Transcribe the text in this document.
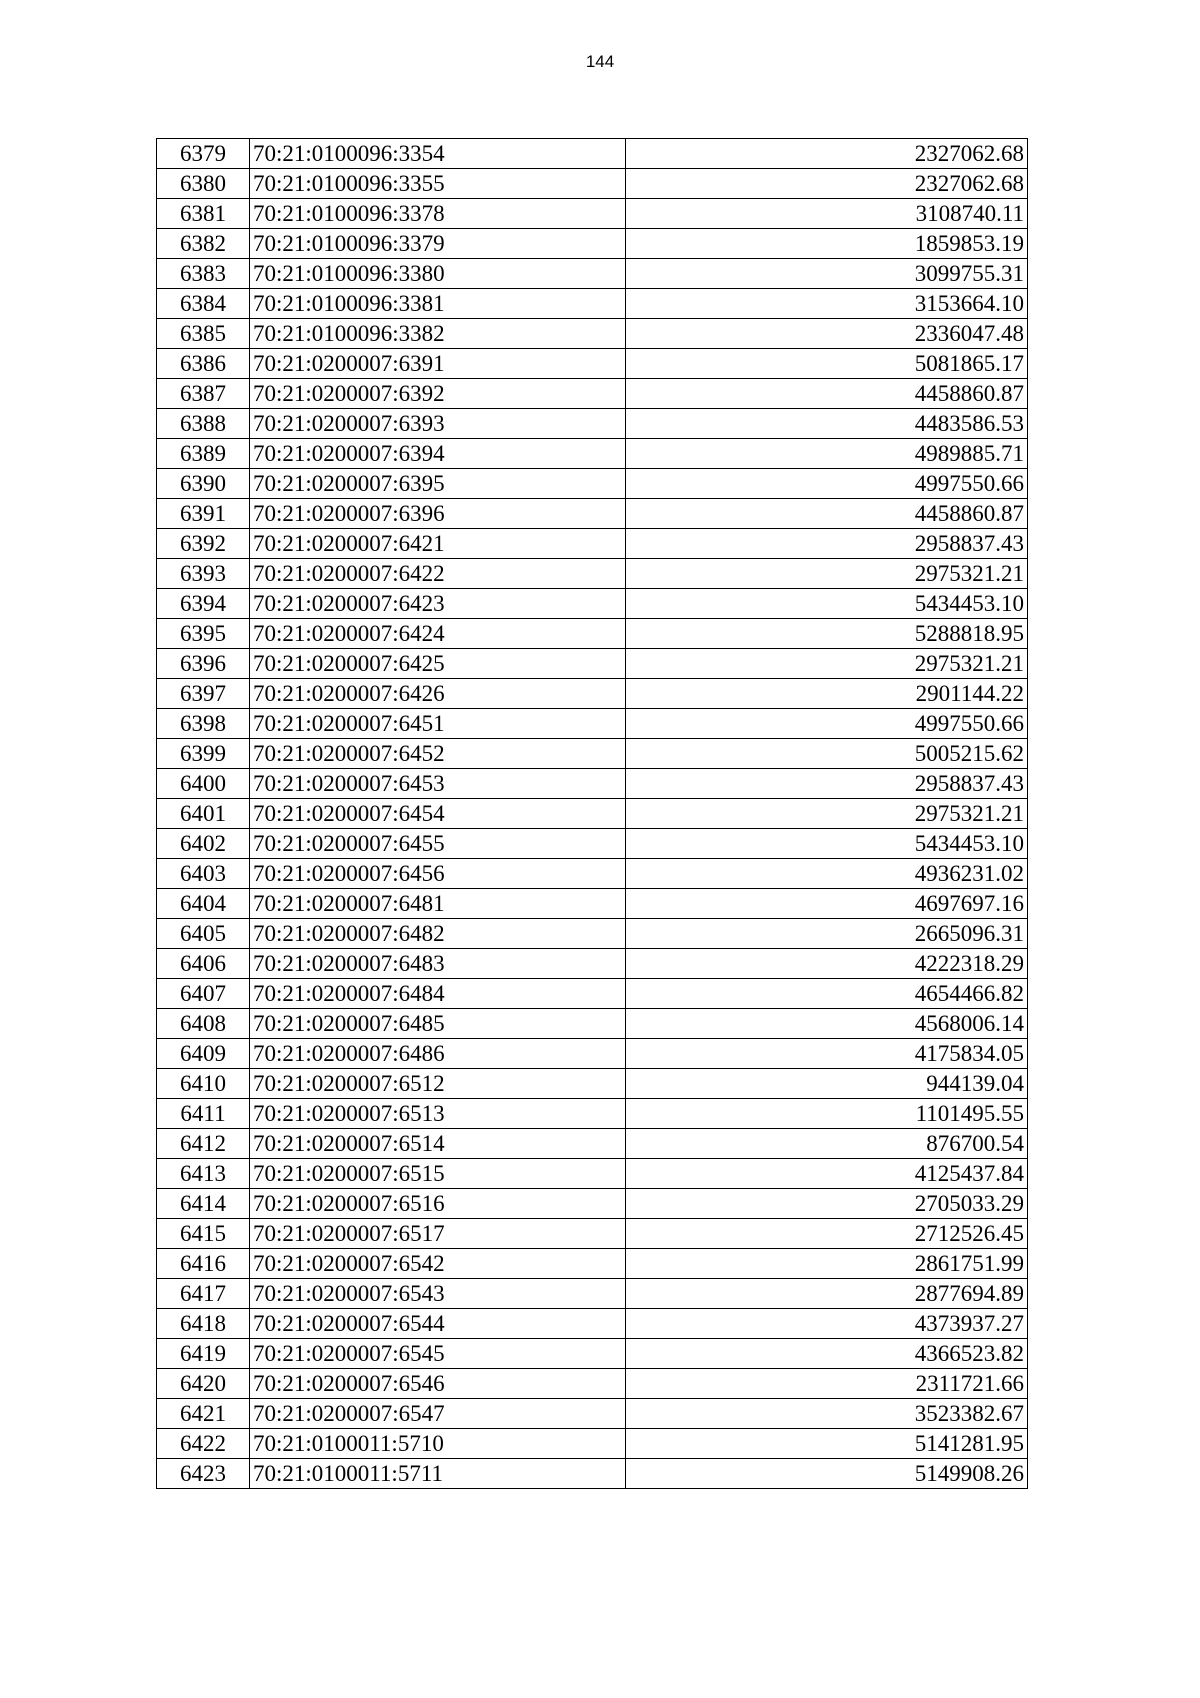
144
6379	70:21:0100096:3354	2327062.68
6380	70:21:0100096:3355	2327062.68
6381	70:21:0100096:3378	3108740.11
6382	70:21:0100096:3379	1859853.19
6383	70:21:0100096:3380	3099755.31
6384	70:21:0100096:3381	3153664.10
6385	70:21:0100096:3382	2336047.48
6386	70:21:0200007:6391	5081865.17
6387	70:21:0200007:6392	4458860.87
6388	70:21:0200007:6393	4483586.53
6389	70:21:0200007:6394	4989885.71
6390	70:21:0200007:6395	4997550.66
6391	70:21:0200007:6396	4458860.87
6392	70:21:0200007:6421	2958837.43
6393	70:21:0200007:6422	2975321.21
6394	70:21:0200007:6423	5434453.10
6395	70:21:0200007:6424	5288818.95
6396	70:21:0200007:6425	2975321.21
6397	70:21:0200007:6426	2901144.22
6398	70:21:0200007:6451	4997550.66
6399	70:21:0200007:6452	5005215.62
6400	70:21:0200007:6453	2958837.43
6401	70:21:0200007:6454	2975321.21
6402	70:21:0200007:6455	5434453.10
6403	70:21:0200007:6456	4936231.02
6404	70:21:0200007:6481	4697697.16
6405	70:21:0200007:6482	2665096.31
6406	70:21:0200007:6483	4222318.29
6407	70:21:0200007:6484	4654466.82
6408	70:21:0200007:6485	4568006.14
6409	70:21:0200007:6486	4175834.05
6410	70:21:0200007:6512	944139.04
6411	70:21:0200007:6513	1101495.55
6412	70:21:0200007:6514	876700.54
6413	70:21:0200007:6515	4125437.84
6414	70:21:0200007:6516	2705033.29
6415	70:21:0200007:6517	2712526.45
6416	70:21:0200007:6542	2861751.99
6417	70:21:0200007:6543	2877694.89
6418	70:21:0200007:6544	4373937.27
6419	70:21:0200007:6545	4366523.82
6420	70:21:0200007:6546	2311721.66
6421	70:21:0200007:6547	3523382.67
6422	70:21:0100011:5710	5141281.95
6423	70:21:0100011:5711	5149908.26
